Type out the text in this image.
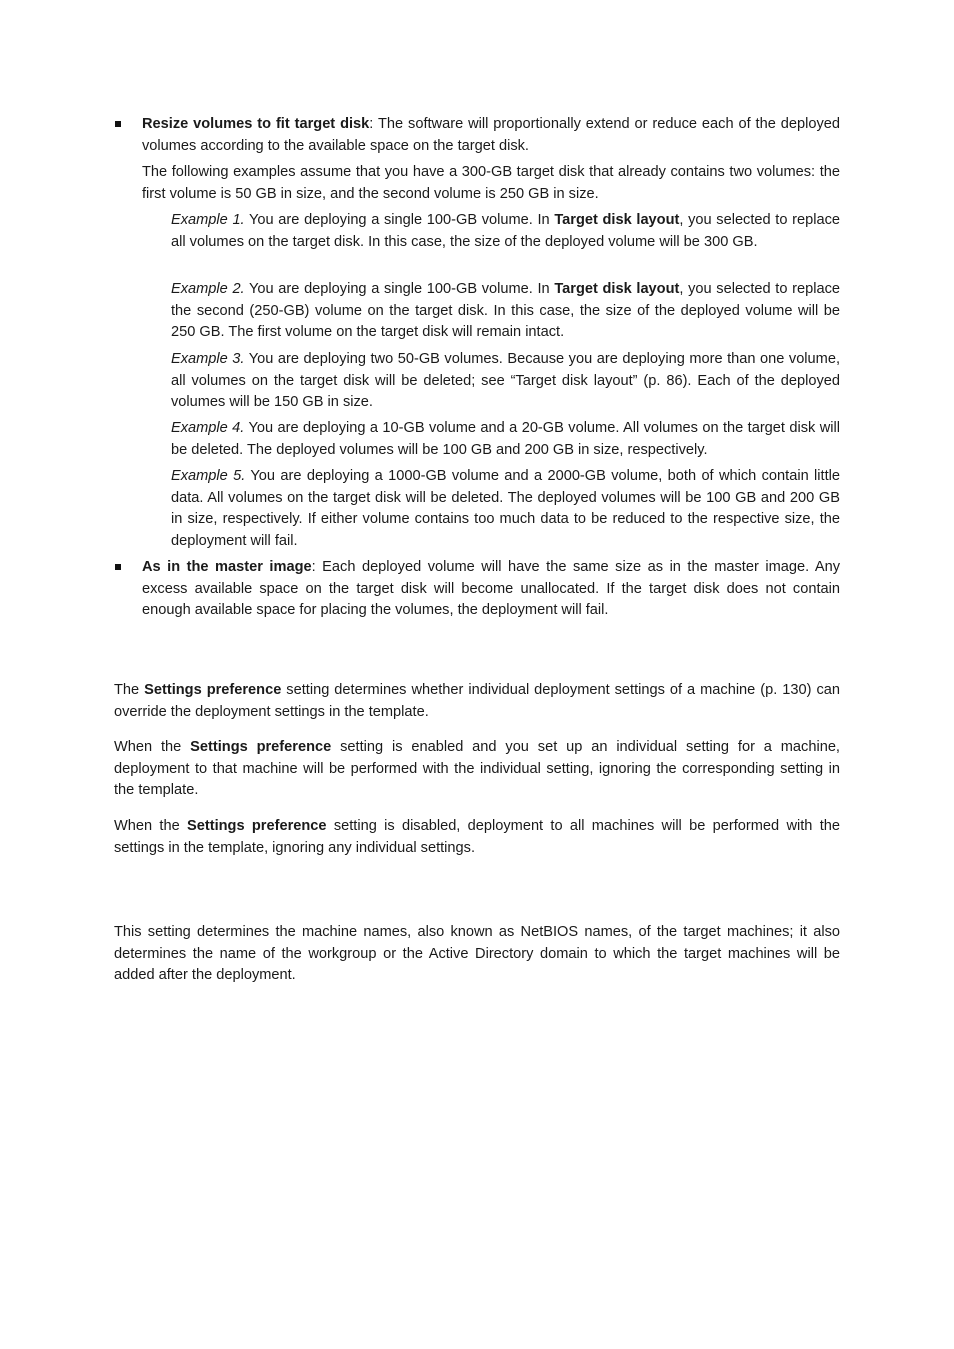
Resize volumes to fit target disk: The software will proportionally extend or reduce each of the deployed volumes according to the available space on the target disk.

The following examples assume that you have a 300-GB target disk that already contains two volumes: the first volume is 50 GB in size, and the second volume is 250 GB in size.

Example 1. You are deploying a single 100-GB volume. In Target disk layout, you selected to replace all volumes on the target disk. In this case, the size of the deployed volume will be 300 GB.

Example 2. You are deploying a single 100-GB volume. In Target disk layout, you selected to replace the second (250-GB) volume on the target disk. In this case, the size of the deployed volume will be 250 GB. The first volume on the target disk will remain intact.

Example 3. You are deploying two 50-GB volumes. Because you are deploying more than one volume, all volumes on the target disk will be deleted; see “Target disk layout” (p. 86). Each of the deployed volumes will be 150 GB in size.

Example 4. You are deploying a 10-GB volume and a 20-GB volume. All volumes on the target disk will be deleted. The deployed volumes will be 100 GB and 200 GB in size, respectively.

Example 5. You are deploying a 1000-GB volume and a 2000-GB volume, both of which contain little data. All volumes on the target disk will be deleted. The deployed volumes will be 100 GB and 200 GB in size, respectively. If either volume contains too much data to be reduced to the respective size, the deployment will fail.

As in the master image: Each deployed volume will have the same size as in the master image. Any excess available space on the target disk will become unallocated. If the target disk does not contain enough available space for placing the volumes, the deployment will fail.

The Settings preference setting determines whether individual deployment settings of a machine (p. 130) can override the deployment settings in the template.

When the Settings preference setting is enabled and you set up an individual setting for a machine, deployment to that machine will be performed with the individual setting, ignoring the corresponding setting in the template.

When the Settings preference setting is disabled, deployment to all machines will be performed with the settings in the template, ignoring any individual settings.

This setting determines the machine names, also known as NetBIOS names, of the target machines; it also determines the name of the workgroup or the Active Directory domain to which the target machines will be added after the deployment.
